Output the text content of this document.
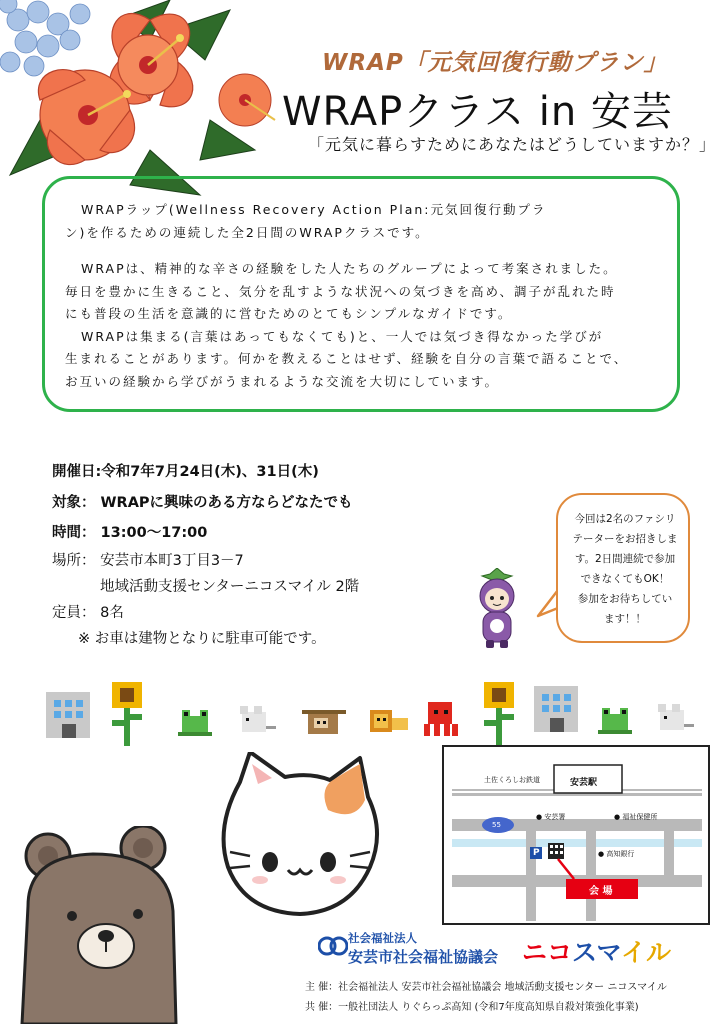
WRAP「元気回復行動プラン」
WRAPクラス in 安芸
「元気に暮らすためにあなたはどうしていますか？」

WRAPラップ(Wellness Recovery Action Plan:元気回復行動プラ

ン)を作るための連続した全2日間のWRAPクラスです。

WRAPは、精神的な辛さの経験をした人たちのグループによって考案されました。

毎日を豊かに生きること、気分を乱すような状況への気づきを高め、調子が乱れた時

にも普段の生活を意識的に営むためのとてもシンプルなガイドです。

WRAPは集まる(言葉はあってもなくても)と、一人では気づき得なかった学びが

生まれることがあります。何かを教えることはせず、経験を自分の言葉で語ることで、

お互いの経験から学びがうまれるような交流を大切にしています。

開催日:令和7年7月24日(木)、31日(木)
対象： WRAPに興味のある方ならどなたでも
時間： 13:00～17:00
場所： 安芸市本町3丁目3－7
地域活動支援センターニコスマイル 2階
定員： 8名
※ お車は建物となりに駐車可能です。

今回は2名のファシリ

テーターをお招きしま

す。2日間連続で参加

できなくてもOK！

参加をお待ちしてい

ます！！

土佐くろしお鉄道	安芸駅
55
● 安芸署	● 福祉保健所
● 高知銀行
P
会 場
社会福祉法人
安芸市社会福祉協議会 ニコスマイル
主 催：社会福祉法人 安芸市社会福祉協議会 地域活動支援センター ニコスマイル
共 催：一般社団法人 りぐらっぷ高知 (令和7年度高知県自殺対策強化事業)
